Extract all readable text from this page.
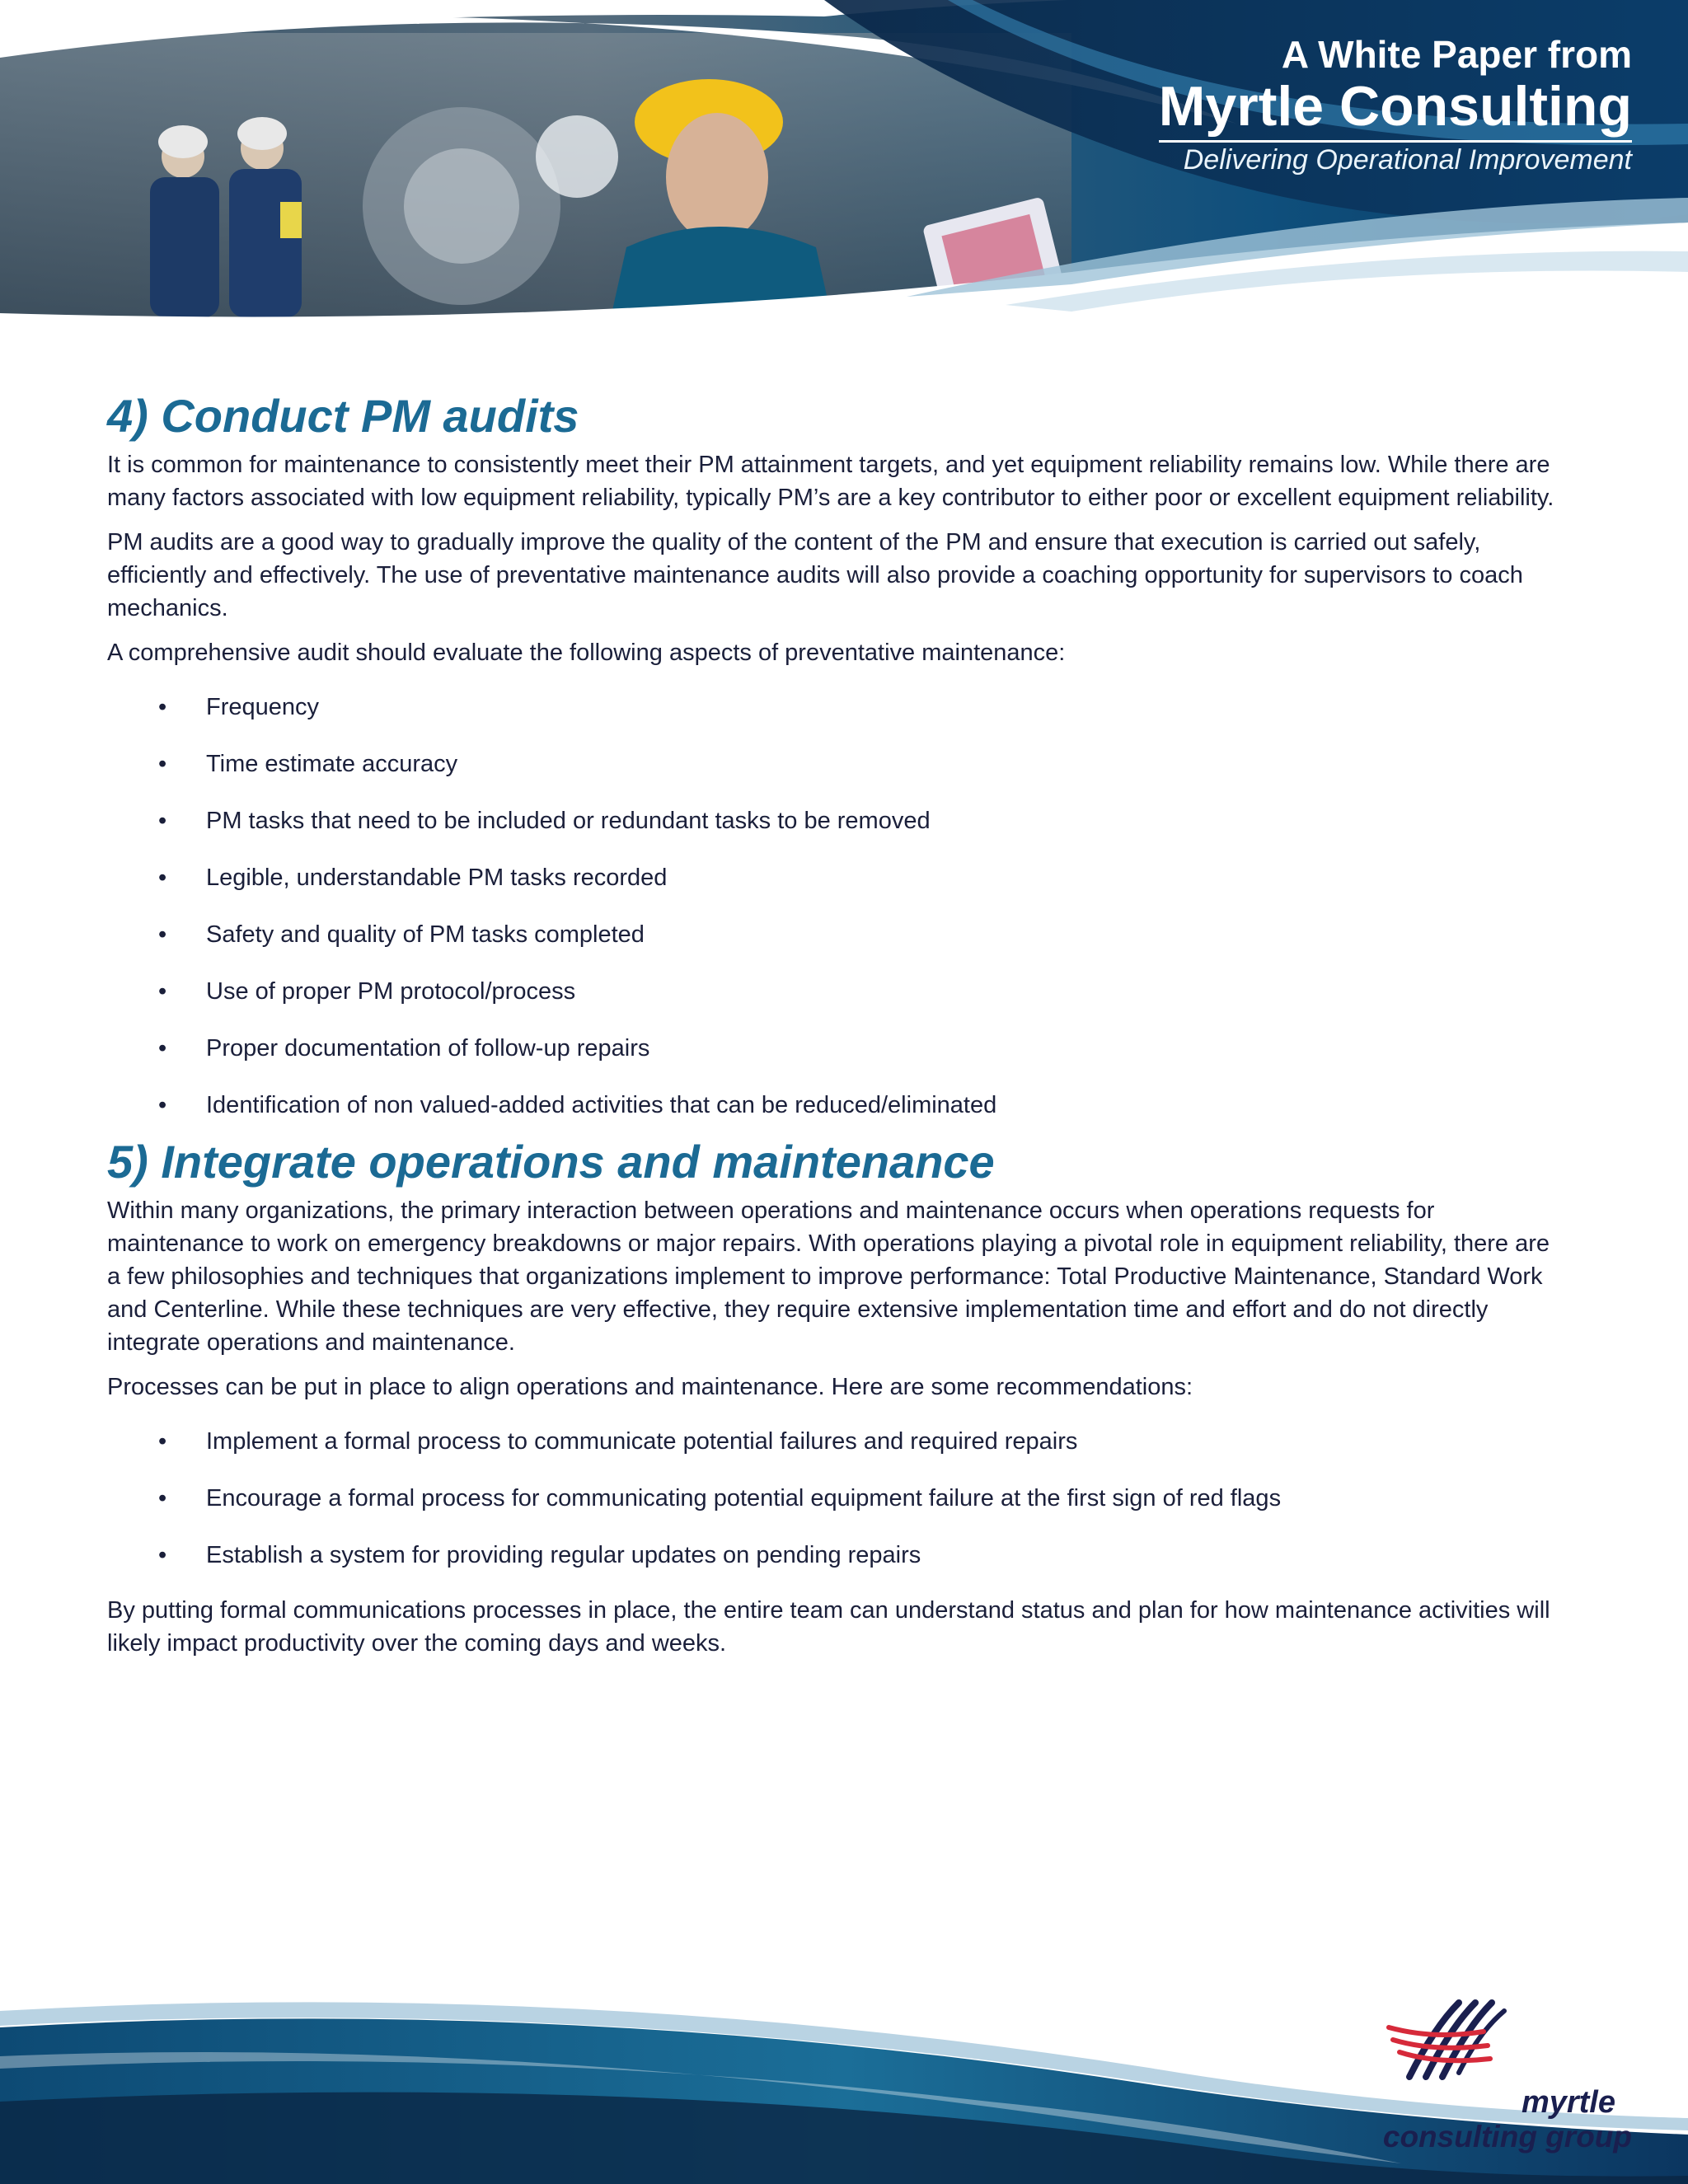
A White Paper from
Myrtle Consulting
Delivering Operational Improvement
4) Conduct PM audits

It is common for maintenance to consistently meet their PM attainment targets, and yet equipment reliability remains low. While there are many factors associated with low equipment reliability, typically PM’s are a key contributor to either poor or excellent equipment reliability.

PM audits are a good way to gradually improve the quality of the content of the PM and ensure that execution is carried out safely, efficiently and effectively. The use of preventative maintenance audits will also provide a coaching opportunity for supervisors to coach mechanics.

A comprehensive audit should evaluate the following aspects of preventative maintenance:

• Frequency
• Time estimate accuracy
• PM tasks that need to be included or redundant tasks to be removed
• Legible, understandable PM tasks recorded
• Safety and quality of PM tasks completed
• Use of proper PM protocol/process
• Proper documentation of follow-up repairs
• Identification of non valued-added activities that can be reduced/eliminated
5) Integrate operations and maintenance

Within many organizations, the primary interaction between operations and maintenance occurs when operations requests for maintenance to work on emergency breakdowns or major repairs. With operations playing a pivotal role in equipment reliability, there are a few philosophies and techniques that organizations implement to improve performance: Total Productive Maintenance, Standard Work and Centerline. While these techniques are very effective, they require extensive implementation time and effort and do not directly integrate operations and maintenance.

Processes can be put in place to align operations and maintenance. Here are some recommendations:

• Implement a formal process to communicate potential failures and required repairs
• Encourage a formal process for communicating potential equipment failure at the first sign of red flags
• Establish a system for providing regular updates on pending repairs

By putting formal communications processes in place, the entire team can understand status and plan for how maintenance activities will likely impact productivity over the coming days and weeks.

myrtle
consulting group
